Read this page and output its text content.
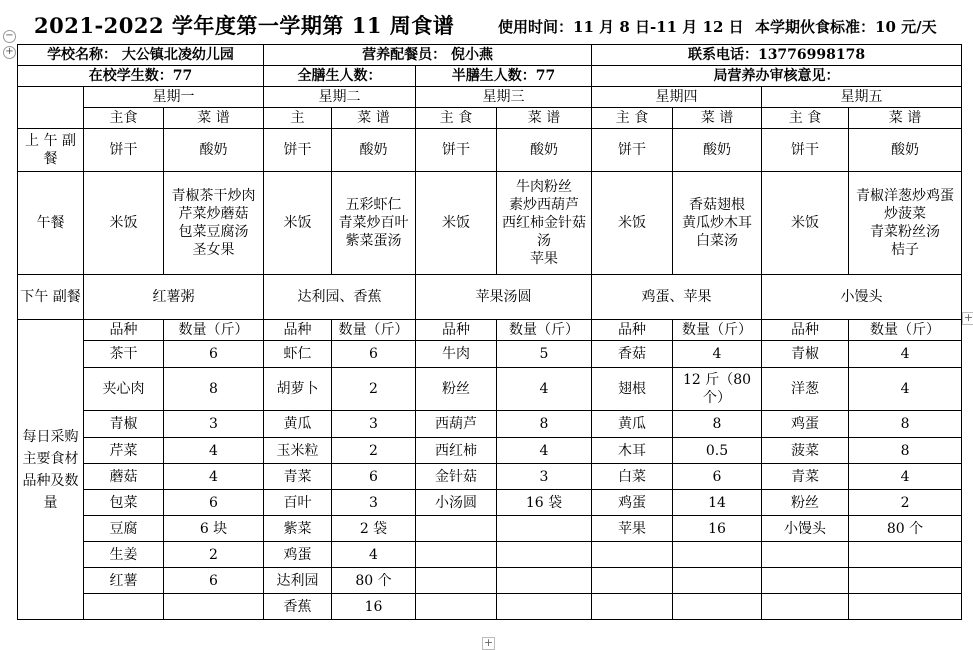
−
+
+
+
2021-2022 学年度第一学期第 11 周食谱	使用时间：11 月 8 日-11 月 12 日 本学期伙食标准：10 元/天
学校名称： 大公镇北凌幼儿园			营养配餐员： 倪小燕				联系电话：13776998178			
在校学生数：77			全膳生人数：		半膳生人数：77		局营养办审核意见：			
	星期一		星期二		星期三		星期四		星期五	
	主食	菜 谱	主	菜 谱	主 食	菜 谱	主 食	菜 谱	主 食	菜 谱
上 午 副餐	饼干	酸奶	饼干	酸奶	饼干	酸奶	饼干	酸奶	饼干	酸奶
午餐	米饭	青椒茶干炒肉
芹菜炒蘑菇
包菜豆腐汤
圣女果	米饭	五彩虾仁
青菜炒百叶
紫菜蛋汤	米饭	牛肉粉丝
素炒西葫芦
西红柿金针菇汤
苹果	米饭	香菇翅根
黄瓜炒木耳
白菜汤	米饭	青椒洋葱炒鸡蛋
炒菠菜
青菜粉丝汤
桔子

下午 副餐	红薯粥		达利园、香蕉		苹果汤圆		鸡蛋、苹果		小馒头	
每日采购主要食材品种及数量	品种	数量（斤）	品种	数量（斤）	品种	数量（斤）	品种	数量（斤）	品种	数量（斤）
	茶干	6	虾仁	6	牛肉	5	香菇	4	青椒	4
	夹心肉	8	胡萝卜	2	粉丝	4	翅根	12 斤（80 个）	洋葱	4
	青椒	3	黄瓜	3	西葫芦	8	黄瓜	8	鸡蛋	8
	芹菜	4	玉米粒	2	西红柿	4	木耳	0.5	菠菜	8
	蘑菇	4	青菜	6	金针菇	3	白菜	6	青菜	4
	包菜	6	百叶	3	小汤圆	16 袋	鸡蛋	14	粉丝	2
	豆腐	6 块	紫菜	2 袋			苹果	16	小馒头	80 个
	生姜	2	鸡蛋	4						
	红薯	6	达利园	80 个						
			香蕉	16						
